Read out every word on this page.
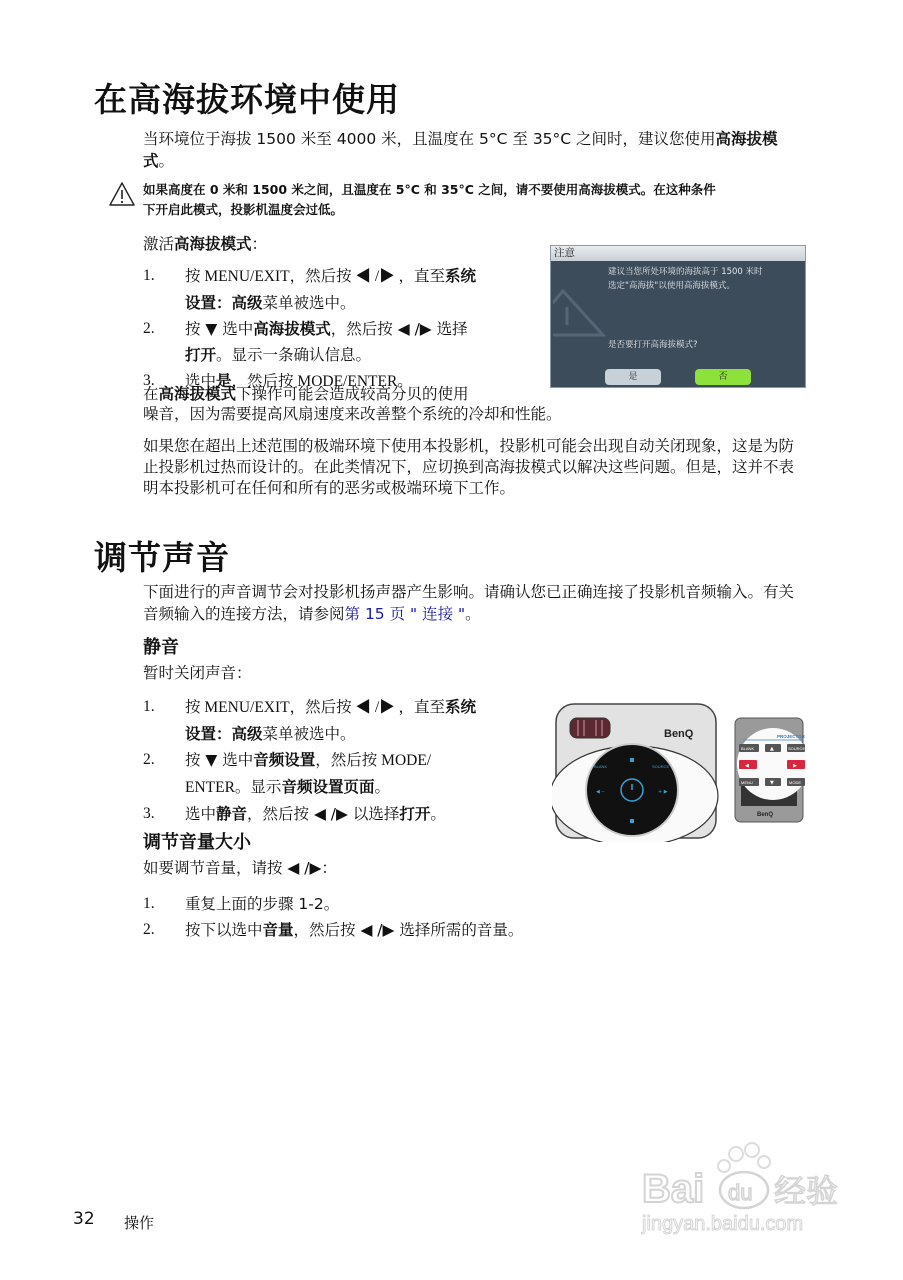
在高海拔环境中使用
当环境位于海拔 1500 米至 4000 米，且温度在 5°C 至 35°C 之间时，建议您使用高海拔模式。
如果高度在 0 米和 1500 米之间，且温度在 5°C 和 35°C 之间，请不要使用高海拔模式。在这种条件
下开启此模式，投影机温度会过低。
激活高海拔模式：
1. 按 MENU/EXIT，然后按 ◀ /▶ ，直至系统
设置：高级菜单被选中。
2. 按 ▼ 选中高海拔模式，然后按 ◀ /▶ 选择
打开。显示一条确认信息。
3. 选中是，然后按 MODE/ENTER。
在高海拔模式下操作可能会造成较高分贝的使用
噪音，因为需要提高风扇速度来改善整个系统的冷却和性能。
如果您在超出上述范围的极端环境下使用本投影机，投影机可能会出现自动关闭现象，这是为防止投影机过热而设计的。在此类情况下，应切换到高海拔模式以解决这些问题。但是，这并不表明本投影机可在任何和所有的恶劣或极端环境下工作。
注意
建议当您所处环境的海拔高于 1500 米时
选定"高海拔"以使用高海拔模式。
是否要打开高海拔模式?
是	否
调节声音
下面进行的声音调节会对投影机扬声器产生影响。请确认您已正确连接了投影机音频输入。有关音频输入的连接方法，请参阅第 15 页 " 连接 "。
静音
暂时关闭声音：
1. 按 MENU/EXIT，然后按 ◀ /▶ ，直至系统
设置：高级菜单被选中。
2. 按 ▼ 选中音频设置，然后按 MODE/
ENTER。显示音频设置页面。
3. 选中静音，然后按 ◀ /▶ 以选择打开。
调节音量大小
如要调节音量，请按 ◀ /▶：
1. 重复上面的步骤 1-2。
2. 按下以选中音量，然后按 ◀ /▶ 选择所需的音量。
BenQ
BLANK	SOURCE
◀ ‒	+ ▶
PROJECTOR
BLANK	▲	SOURCE
◀	▶
MENU	▼	MODE
BenQ
32 操作
Bai du 经验
jingyan.baidu.com
